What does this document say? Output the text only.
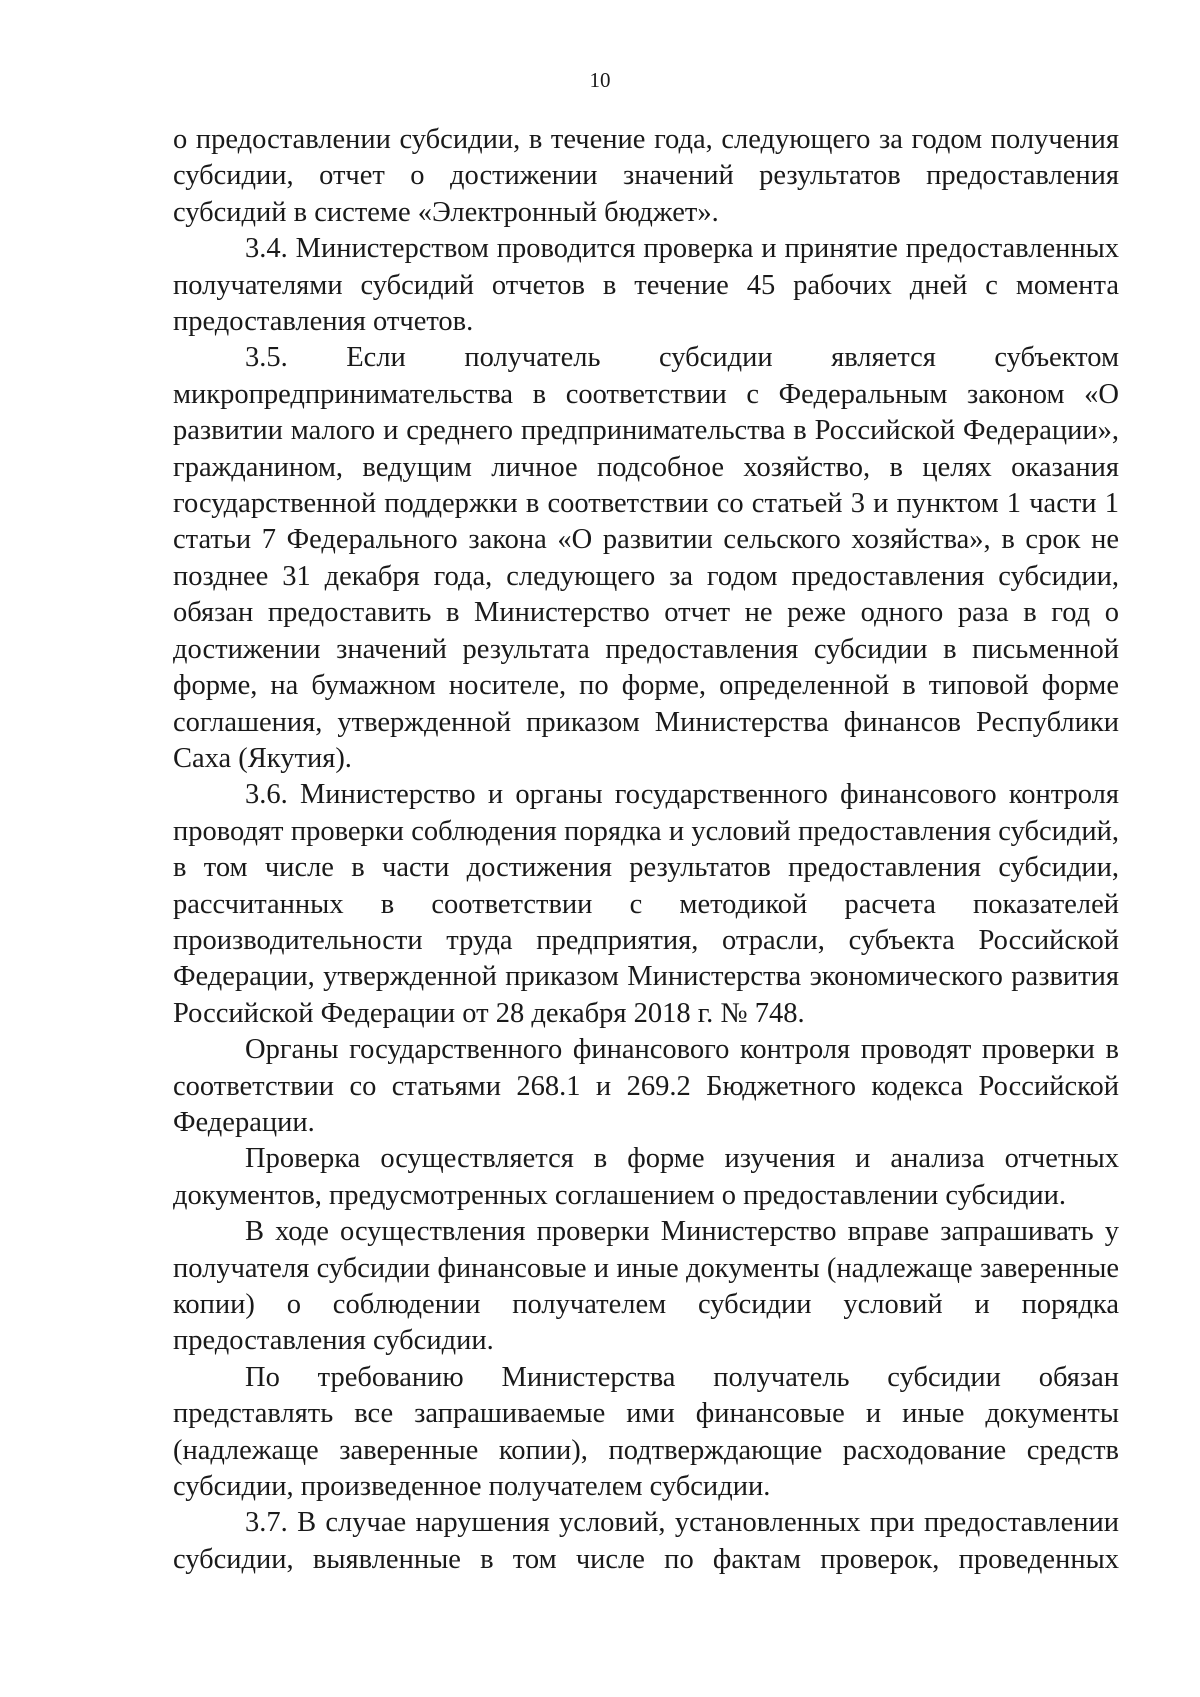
10

о предоставлении субсидии, в течение года, следующего за годом получения субсидии, отчет о достижении значений результатов предоставления субсидий в системе «Электронный бюджет».

3.4. Министерством проводится проверка и принятие предоставленных получателями субсидий отчетов в течение 45 рабочих дней с момента предоставления отчетов.

3.5. Если получатель субсидии является субъектом микропредпринимательства в соответствии с Федеральным законом «О развитии малого и среднего предпринимательства в Российской Федерации», гражданином, ведущим личное подсобное хозяйство, в целях оказания государственной поддержки в соответствии со статьей 3 и пунктом 1 части 1 статьи 7 Федерального закона «О развитии сельского хозяйства», в срок не позднее 31 декабря года, следующего за годом предоставления субсидии, обязан предоставить в Министерство отчет не реже одного раза в год о достижении значений результата предоставления субсидии в письменной форме, на бумажном носителе, по форме, определенной в типовой форме соглашения, утвержденной приказом Министерства финансов Республики Саха (Якутия).

3.6. Министерство и органы государственного финансового контроля проводят проверки соблюдения порядка и условий предоставления субсидий, в том числе в части достижения результатов предоставления субсидии, рассчитанных в соответствии с методикой расчета показателей производительности труда предприятия, отрасли, субъекта Российской Федерации, утвержденной приказом Министерства экономического развития Российской Федерации от 28 декабря 2018 г. № 748.

Органы государственного финансового контроля проводят проверки в соответствии со статьями 268.1 и 269.2 Бюджетного кодекса Российской Федерации.

Проверка осуществляется в форме изучения и анализа отчетных документов, предусмотренных соглашением о предоставлении субсидии.

В ходе осуществления проверки Министерство вправе запрашивать у получателя субсидии финансовые и иные документы (надлежаще заверенные копии) о соблюдении получателем субсидии условий и порядка предоставления субсидии.

По требованию Министерства получатель субсидии обязан представлять все запрашиваемые ими финансовые и иные документы (надлежаще заверенные копии), подтверждающие расходование средств субсидии, произведенное получателем субсидии.

3.7. В случае нарушения условий, установленных при предоставлении субсидии, выявленные в том числе по фактам проверок, проведенных
